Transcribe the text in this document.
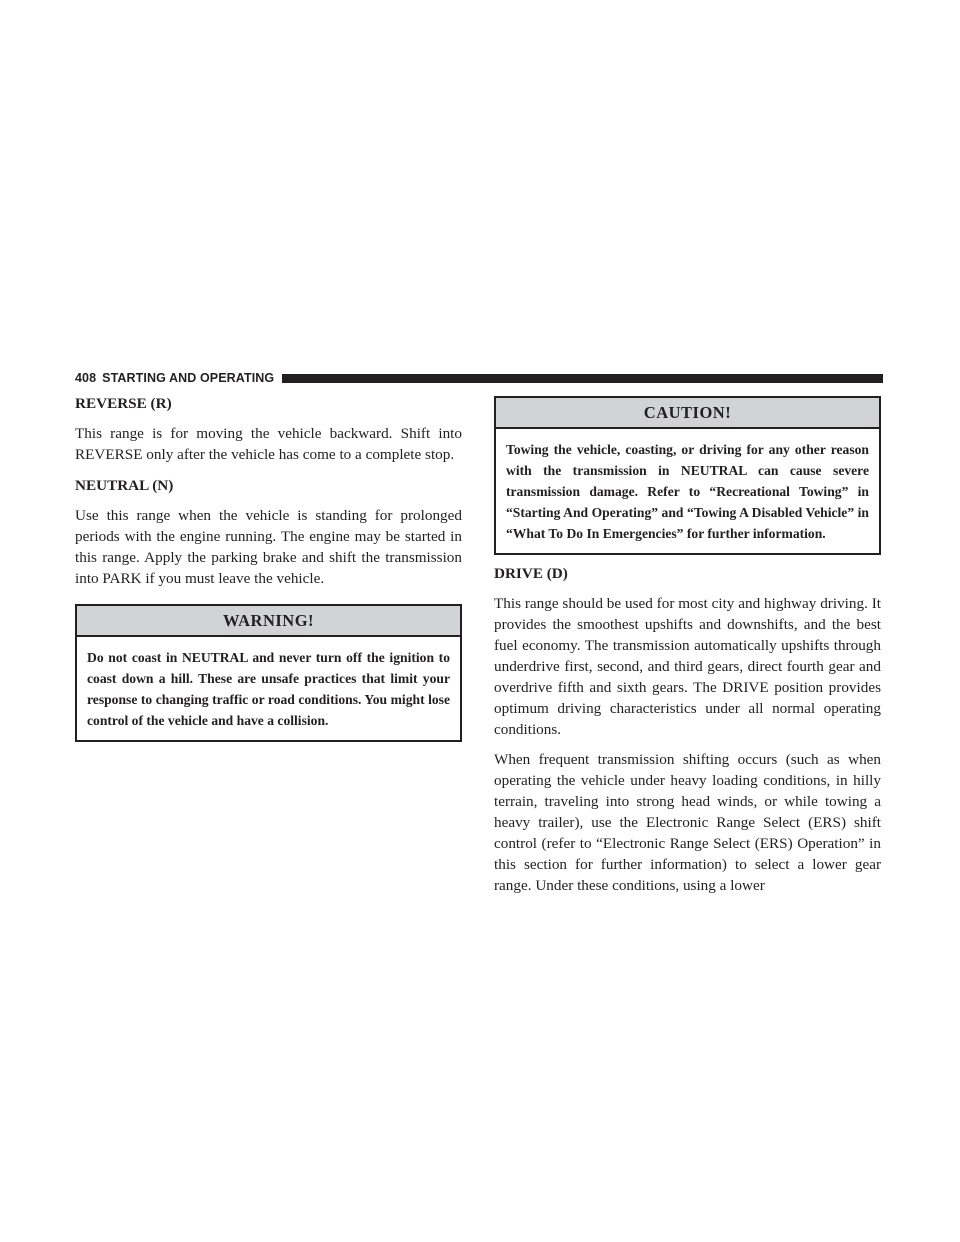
408 STARTING AND OPERATING
REVERSE (R)

This range is for moving the vehicle backward. Shift into REVERSE only after the vehicle has come to a complete stop.

NEUTRAL (N)

Use this range when the vehicle is standing for prolonged periods with the engine running. The engine may be started in this range. Apply the parking brake and shift the transmission into PARK if you must leave the vehicle.

WARNING!
Do not coast in NEUTRAL and never turn off the ignition to coast down a hill. These are unsafe practices that limit your response to changing traffic or road conditions. You might lose control of the vehicle and have a collision.
CAUTION!
Towing the vehicle, coasting, or driving for any other reason with the transmission in NEUTRAL can cause severe transmission damage. Refer to “Recreational Towing” in “Starting And Operating” and “Towing A Disabled Vehicle” in “What To Do In Emergencies” for further information.
DRIVE (D)

This range should be used for most city and highway driving. It provides the smoothest upshifts and downshifts, and the best fuel economy. The transmission automatically upshifts through underdrive first, second, and third gears, direct fourth gear and overdrive fifth and sixth gears. The DRIVE position provides optimum driving characteristics under all normal operating conditions.

When frequent transmission shifting occurs (such as when operating the vehicle under heavy loading conditions, in hilly terrain, traveling into strong head winds, or while towing a heavy trailer), use the Electronic Range Select (ERS) shift control (refer to “Electronic Range Select (ERS) Operation” in this section for further information) to select a lower gear range. Under these conditions, using a lower
